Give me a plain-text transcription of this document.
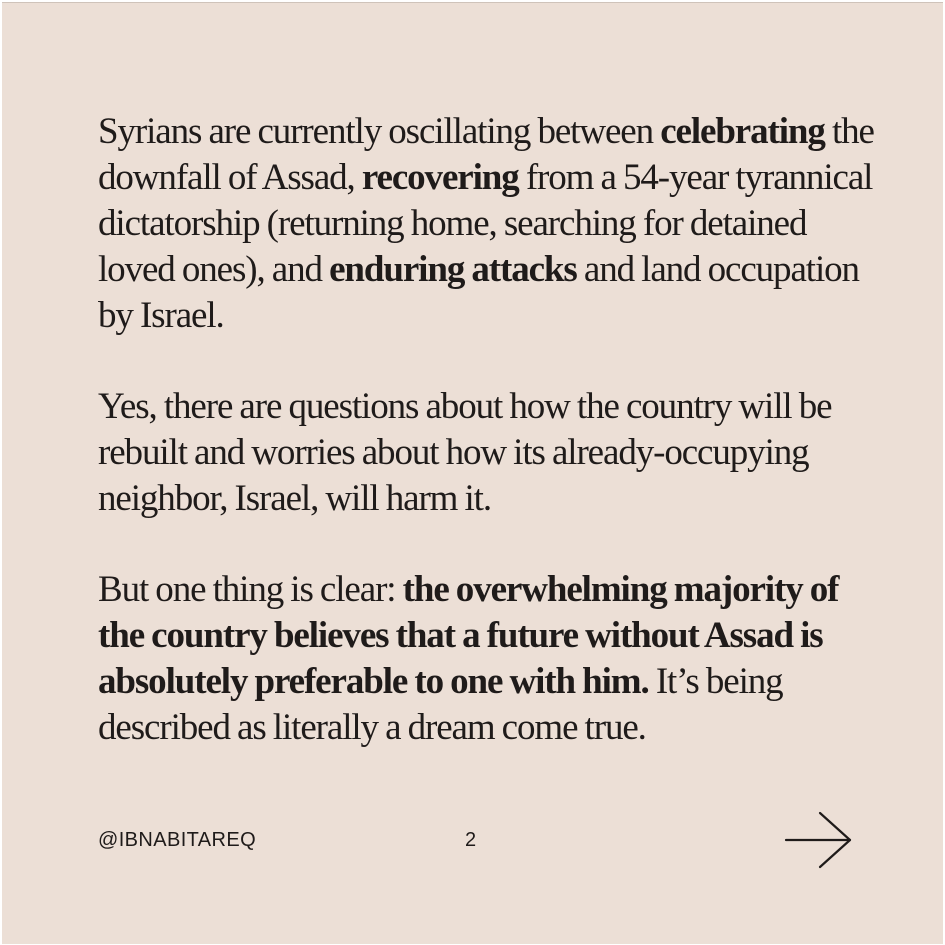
Syrians are currently oscillating between celebrating the downfall of Assad, recovering from a 54-year tyrannical dictatorship (returning home, searching for detained loved ones), and enduring attacks and land occupation by Israel.

Yes, there are questions about how the country will be rebuilt and worries about how its already-occupying neighbor, Israel, will harm it.

But one thing is clear: the overwhelming majority of the country believes that a future without Assad is absolutely preferable to one with him. It’s being described as literally a dream come true.

@IBNABITAREQ	2
